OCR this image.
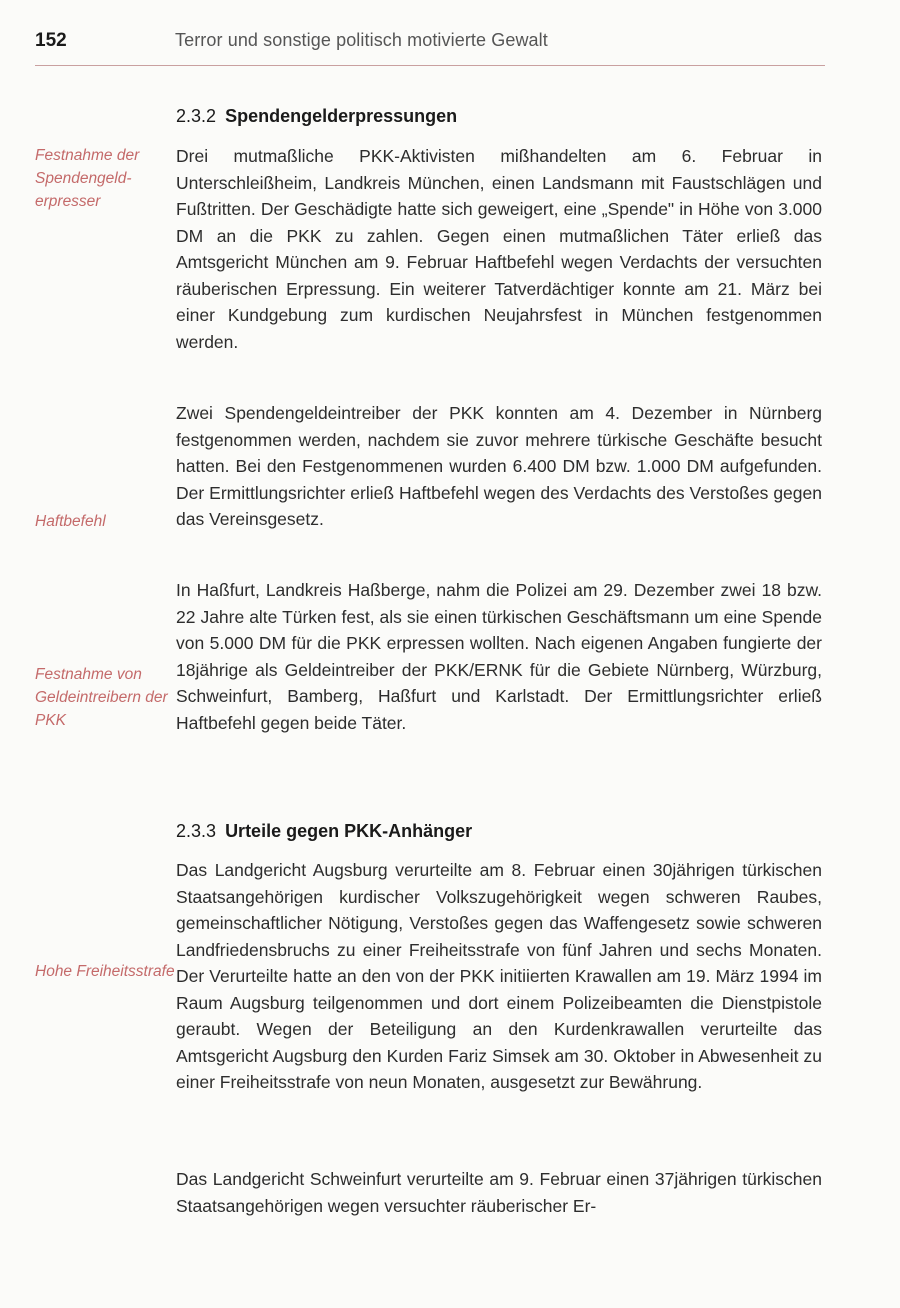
152	Terror und sonstige politisch motivierte Gewalt
Festnahme der Spendengeld-erpresser
Haftbefehl
Festnahme von Geldeintreibern der PKK
Hohe Freiheitsstrafe
2.3.2 Spendengelderpressungen

Drei mutmaßliche PKK-Aktivisten mißhandelten am 6. Februar in Unterschleißheim, Landkreis München, einen Landsmann mit Faustschlägen und Fußtritten. Der Geschädigte hatte sich geweigert, eine „Spende" in Höhe von 3.000 DM an die PKK zu zahlen. Gegen einen mutmaßlichen Täter erließ das Amtsgericht München am 9. Februar Haftbefehl wegen Verdachts der versuchten räuberischen Erpressung. Ein weiterer Tatverdächtiger konnte am 21. März bei einer Kundgebung zum kurdischen Neujahrsfest in München festgenommen werden.

Zwei Spendengeldeintreiber der PKK konnten am 4. Dezember in Nürnberg festgenommen werden, nachdem sie zuvor mehrere türkische Geschäfte besucht hatten. Bei den Festgenommenen wurden 6.400 DM bzw. 1.000 DM aufgefunden. Der Ermittlungsrichter erließ Haftbefehl wegen des Verdachts des Verstoßes gegen das Vereinsgesetz.

In Haßfurt, Landkreis Haßberge, nahm die Polizei am 29. Dezember zwei 18 bzw. 22 Jahre alte Türken fest, als sie einen türkischen Geschäftsmann um eine Spende von 5.000 DM für die PKK erpressen wollten. Nach eigenen Angaben fungierte der 18jährige als Geldeintreiber der PKK/ERNK für die Gebiete Nürnberg, Würzburg, Schweinfurt, Bamberg, Haßfurt und Karlstadt. Der Ermittlungsrichter erließ Haftbefehl gegen beide Täter.

2.3.3 Urteile gegen PKK-Anhänger

Das Landgericht Augsburg verurteilte am 8. Februar einen 30jährigen türkischen Staatsangehörigen kurdischer Volkszugehörigkeit wegen schweren Raubes, gemeinschaftlicher Nötigung, Verstoßes gegen das Waffengesetz sowie schweren Landfriedensbruchs zu einer Freiheitsstrafe von fünf Jahren und sechs Monaten. Der Verurteilte hatte an den von der PKK initiierten Krawallen am 19. März 1994 im Raum Augsburg teilgenommen und dort einem Polizeibeamten die Dienstpistole geraubt. Wegen der Beteiligung an den Kurdenkrawallen verurteilte das Amtsgericht Augsburg den Kurden Fariz Simsek am 30. Oktober in Abwesenheit zu einer Freiheitsstrafe von neun Monaten, ausgesetzt zur Bewährung.

Das Landgericht Schweinfurt verurteilte am 9. Februar einen 37jährigen türkischen Staatsangehörigen wegen versuchter räuberischer Er-
